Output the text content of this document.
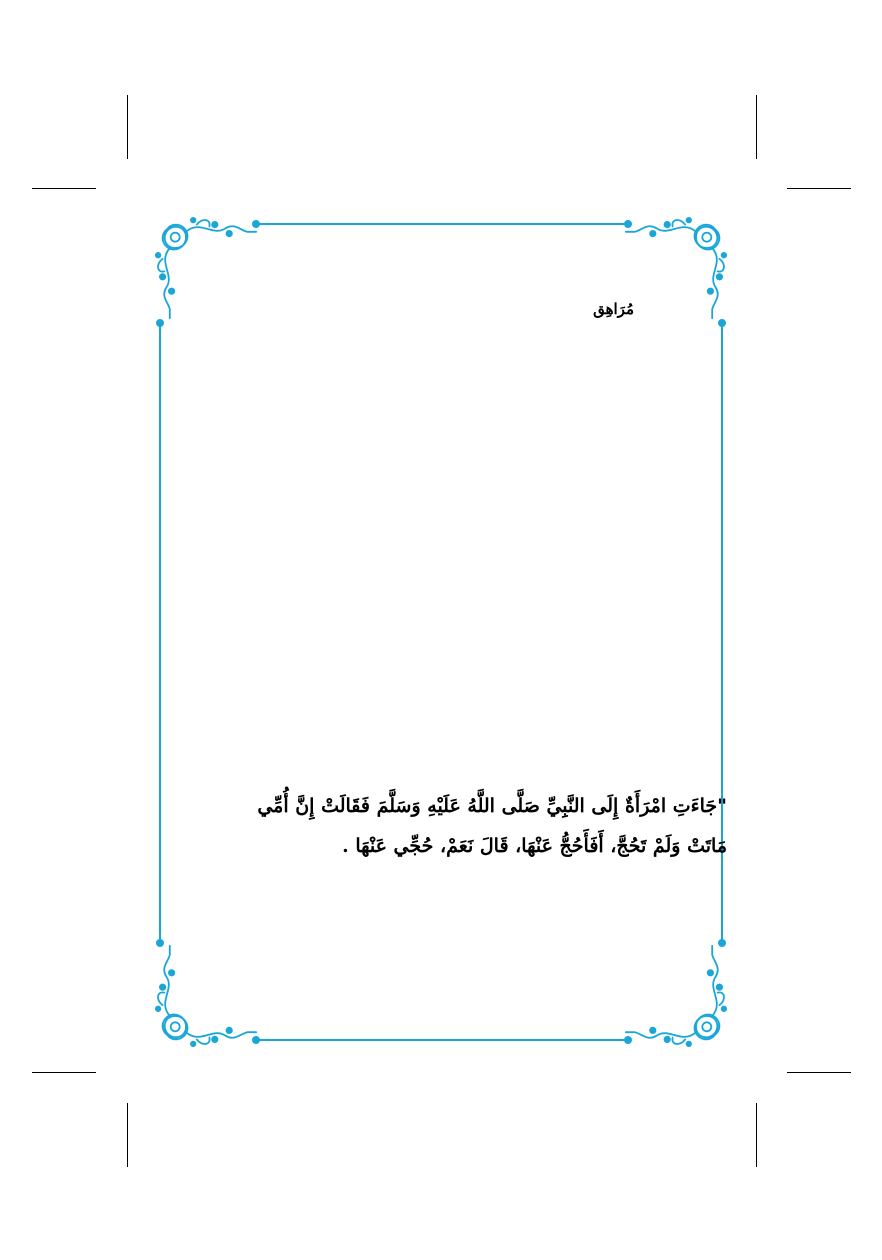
مُرَاهِق
"جَاءَتِ امْرَأَةٌ إِلَى النَّبِيِّ صَلَّى اللَّهُ عَلَيْهِ وَسَلَّمَ فَقَالَتْ إِنَّ أُمِّي
مَاتَتْ وَلَمْ تَحُجَّ، أَفَأَحُجُّ عَنْهَا، قَالَ نَعَمْ، حُجِّي عَنْهَا .
